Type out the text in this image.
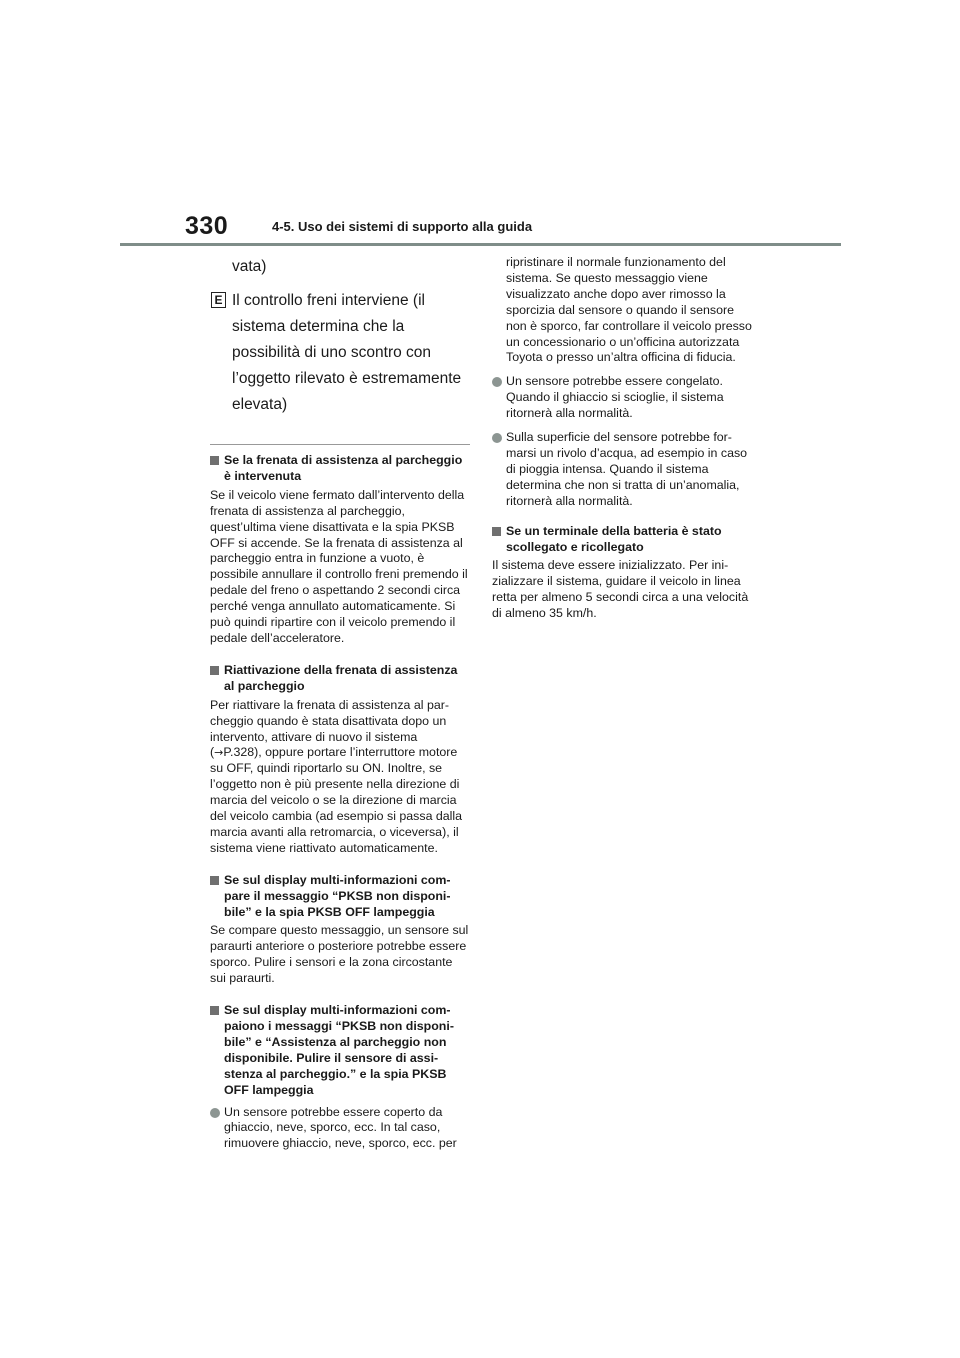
330	4-5. Uso dei sistemi di supporto alla guida
vata)
E Il controllo freni interviene (il sistema determina che la possibilità di uno scontro con l’oggetto rilevato è estremamente elevata)
Se la frenata di assistenza al parcheggio è intervenuta
Se il veicolo viene fermato dall’intervento della frenata di assistenza al parcheggio, quest’ultima viene disattivata e la spia PKSB OFF si accende. Se la frenata di assistenza al parcheggio entra in funzione a vuoto, è possibile annullare il controllo freni premendo il pedale del freno o aspettando 2 secondi circa perché venga annullato automaticamente. Si può quindi ripartire con il veicolo premendo il pedale dell’acceleratore.
Riattivazione della frenata di assistenza al parcheggio
Per riattivare la frenata di assistenza al parcheggio quando è stata disattivata dopo un intervento, attivare di nuovo il sistema (→P.328), oppure portare l’interruttore motore su OFF, quindi riportarlo su ON. Inoltre, se l’oggetto non è più presente nella direzione di marcia del veicolo o se la direzione di marcia del veicolo cambia (ad esempio si passa dalla marcia avanti alla retromarcia, o viceversa), il sistema viene riattivato automaticamente.
Se sul display multi-informazioni compare il messaggio “PKSB non disponibile” e la spia PKSB OFF lampeggia
Se compare questo messaggio, un sensore sul paraurti anteriore o posteriore potrebbe essere sporco. Pulire i sensori e la zona circostante sui paraurti.
Se sul display multi-informazioni compaiono i messaggi “PKSB non disponibile” e “Assistenza al parcheggio non disponibile. Pulire il sensore di assistenza al parcheggio.” e la spia PKSB OFF lampeggia
Un sensore potrebbe essere coperto da ghiaccio, neve, sporco, ecc. In tal caso, rimuovere ghiaccio, neve, sporco, ecc. per
ripristinare il normale funzionamento del sistema. Se questo messaggio viene visualizzato anche dopo aver rimosso la sporcizia dal sensore o quando il sensore non è sporco, far controllare il veicolo presso un concessionario o un’officina autorizzata Toyota o presso un’altra officina di fiducia.
Un sensore potrebbe essere congelato. Quando il ghiaccio si scioglie, il sistema ritornerà alla normalità.
Sulla superficie del sensore potrebbe formarsi un rivolo d’acqua, ad esempio in caso di pioggia intensa. Quando il sistema determina che non si tratta di un’anomalia, ritornerà alla normalità.
Se un terminale della batteria è stato scollegato e ricollegato
Il sistema deve essere inizializzato. Per inizializzare il sistema, guidare il veicolo in linea retta per almeno 5 secondi circa a una velocità di almeno 35 km/h.
